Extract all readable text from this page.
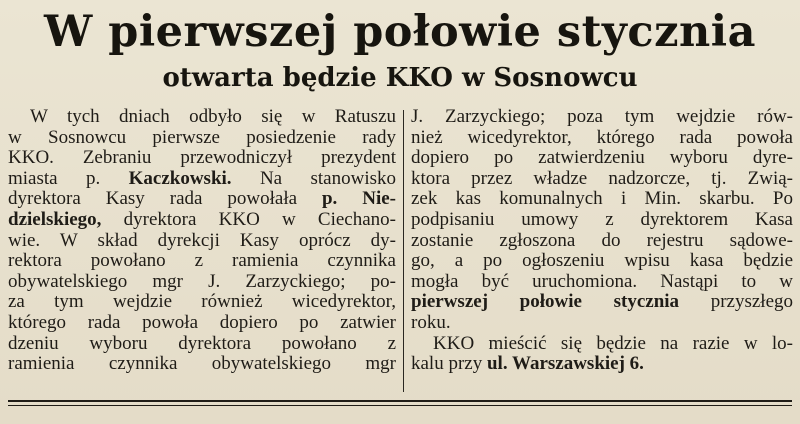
W pierwszej połowie stycznia
otwarta będzie KKO w Sosnowcu
W tych dniach odbyło się w Ratuszu
w Sosnowcu pierwsze posiedzenie rady
KKO. Zebraniu przewodniczył prezydent
miasta p. Kaczkowski. Na stanowisko
dyrektora Kasy rada powołała p. Nie-
dzielskiego, dyrektora KKO w Ciechano-
wie. W skład dyrekcji Kasy oprócz dy-
rektora powołano z ramienia czynnika
obywatelskiego mgr J. Zarzyckiego; po-
za tym wejdzie również wicedyrektor,
którego rada powoła dopiero po zatwier
dzeniu wyboru dyrektora powołano z
ramienia czynnika obywatelskiego mgr
J. Zarzyckiego; poza tym wejdzie rów-
nież wicedyrektor, którego rada powoła
dopiero po zatwierdzeniu wyboru dyre-
ktora przez władze nadzorcze, tj. Zwią-
zek kas komunalnych i Min. skarbu. Po
podpisaniu umowy z dyrektorem Kasa
zostanie zgłoszona do rejestru sądowe-
go, a po ogłoszeniu wpisu kasa będzie
mogła być uruchomiona. Nastąpi to w
pierwszej połowie stycznia przyszłego
roku.
KKO mieścić się będzie na razie w lo-
kalu przy ul. Warszawskiej 6.
